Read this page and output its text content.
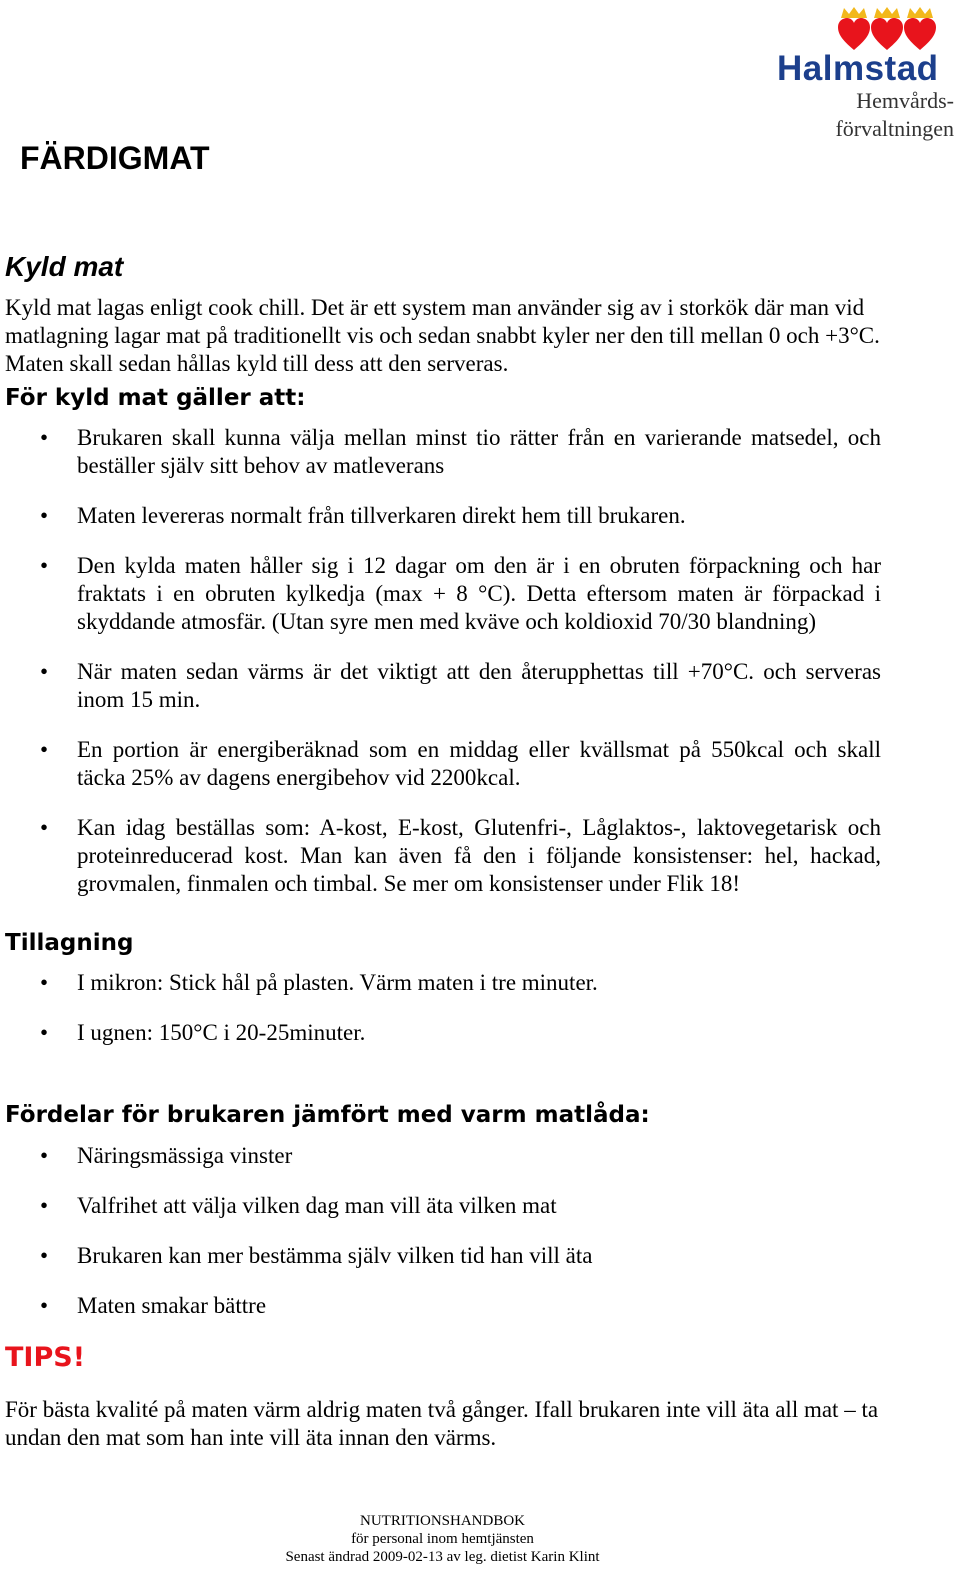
Halmstad
Hemvårds-
förvaltningen
FÄRDIGMAT
Kyld mat
Kyld mat lagas enligt cook chill. Det är ett system man använder sig av i storkök där man vid matlagning lagar mat på traditionellt vis och sedan snabbt kyler ner den till mellan 0 och +3°C. Maten skall sedan hållas kyld till dess att den serveras.
För kyld mat gäller att:
• Brukaren skall kunna välja mellan minst tio rätter från en varierande matsedel, och beställer själv sitt behov av matleverans
• Maten levereras normalt från tillverkaren direkt hem till brukaren.
• Den kylda maten håller sig i 12 dagar om den är i en obruten förpackning och har fraktats i en obruten kylkedja (max + 8 °C). Detta eftersom maten är förpackad i skyddande atmosfär. (Utan syre men med kväve och koldioxid 70/30 blandning)
• När maten sedan värms är det viktigt att den återupphettas till +70°C. och serveras inom 15 min.
• En portion är energiberäknad som en middag eller kvällsmat på 550kcal och skall täcka 25% av dagens energibehov vid 2200kcal.
• Kan idag beställas som: A-kost, E-kost, Glutenfri-, Låglaktos-, laktovegetarisk och proteinreducerad kost. Man kan även få den i följande konsistenser: hel, hackad, grovmalen, finmalen och timbal. Se mer om konsistenser under Flik 18!
Tillagning
• I mikron: Stick hål på plasten. Värm maten i tre minuter.
• I ugnen: 150°C i 20-25minuter.
Fördelar för brukaren jämfört med varm matlåda:
• Näringsmässiga vinster
• Valfrihet att välja vilken dag man vill äta vilken mat
• Brukaren kan mer bestämma själv vilken tid han vill äta
• Maten smakar bättre
TIPS!
För bästa kvalité på maten värm aldrig maten två gånger. Ifall brukaren inte vill äta all mat – ta undan den mat som han inte vill äta innan den värms.
NUTRITIONSHANDBOK
för personal inom hemtjänsten
Senast ändrad 2009-02-13 av leg. dietist Karin Klint
